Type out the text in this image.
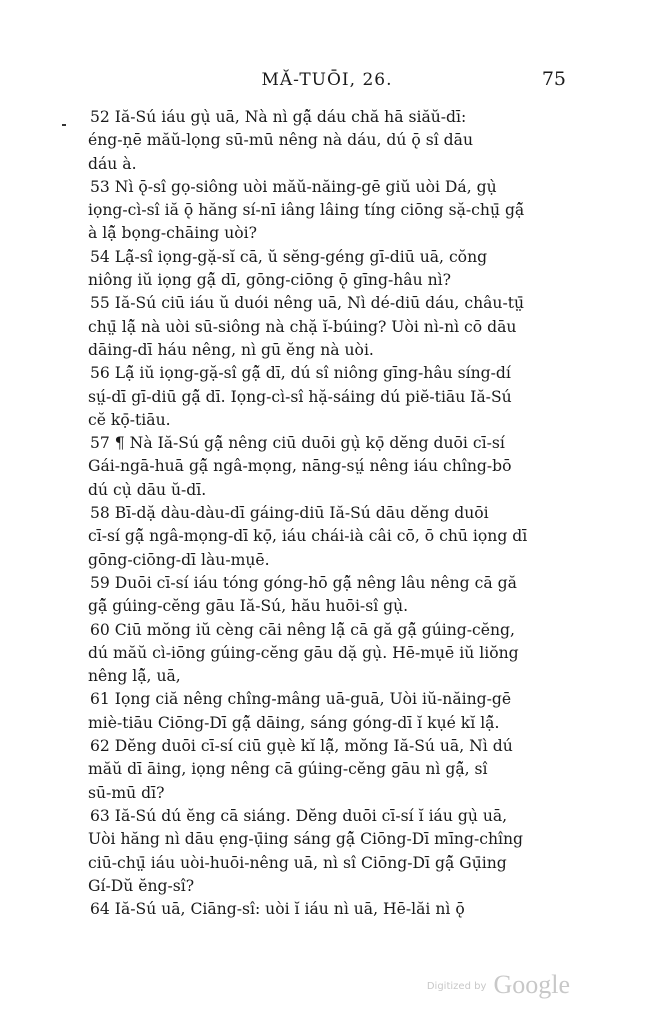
MĂ-TUŌI, 26.	75
52 Iă-Sú iáu gụ̀ uā, Nà nì gậ̆ dáu chă hā siăŭ-dī:
éng-ṇē măŭ-lọng sū-mū nêng nà dáu, dú ǭ sî dāu
dáu à.
53 Nì ǭ-sî gọ-siông uòi măŭ-năing-gē giŭ uòi Dá, gụ̀
iọng-cì-sî iă ǭ hăng sí-nī iâng lâing tíng ciōng sặ-chṳ̄ gậ̆
à lậ̆ bọng-chāing uòi?
54 Lậ̆-sî iọng-gặ-sĭ cā, ŭ sĕng-géng gī-diū uā, cŏng
niông iŭ iọng gậ̆ dī, gōng-ciōng ǭ gīng-hâu nì?
55 Iă-Sú ciū iáu ŭ duói nêng uā, Nì dé-diū dáu, châu-tṳ̄
chṳ̄ lậ̆ nà uòi sū-siông nà chặ ĭ-búing? Uòi nì-nì cō dāu
dāing-dī háu nêng, nì gū ĕng nà uòi.
56 Lậ̆ iŭ iọng-gặ-sî gậ̆ dī, dú sî niông gīng-hâu síng-dí
sṳ́-dī gī-diū gậ̆ dī. Iọng-cì-sî hặ-sáing dú piĕ-tiāu Iă-Sú
cĕ kọ̄-tiāu.
57 ¶ Nà Iă-Sú gậ̆ nêng ciū duōi gụ̀ kọ̄ dĕng duōi cī-sí
Gái-ngā-huā gậ̆ ngâ-mọng, nāng-sṳ́ nêng iáu chîng-bō
dú cụ̀ dāu ŭ-dī.
58 Bī-dặ dàu-dàu-dī gáing-diū Iă-Sú dāu dĕng duōi
cī-sí gậ̆ ngâ-mọng-dī kọ̄, iáu chái-ià câi cō, ō chū iọng dī
gōng-ciōng-dī làu-mụē.
59 Duōi cī-sí iáu tóng góng-hō gậ̆ nêng lâu nêng cā gă
gậ̆ gúing-cĕng gāu Iă-Sú, hău huōi-sî gụ̀.
60 Ciū mŏng iŭ cèng cāi nêng lậ̆ cā gă gậ̆ gúing-cĕng,
dú măŭ cì-iōng gúing-cĕng gāu dặ gụ̀. Hē-mụē iŭ liŏng
nêng lậ̆, uā,
61 Iọng ciă nêng chîng-mâng uā-guā, Uòi iŭ-năing-gē
miè-tiāu Ciōng-Dī gậ̆ dāing, sáng góng-dī ĭ kụé kĭ lậ̆.
62 Dĕng duōi cī-sí ciū gụè kĭ lậ̆, mŏng Iă-Sú uā, Nì dú
măŭ dī āing, iọng nêng cā gúing-cĕng gāu nì gậ̆, sî
sū-mū dī?
63 Iă-Sú dú ĕng cā siáng. Dĕng duōi cī-sí ĭ iáu gụ̀ uā,
Uòi hăng nì dāu ẹng-ụ̄ing sáng gậ̆ Ciōng-Dī mīng-chîng
ciū-chṳ̄ iáu uòi-huōi-nêng uā, nì sî Ciōng-Dī gậ̆ Gụ̄ing
Gí-Dŭ ĕng-sî?
64 Iă-Sú uā, Ciāng-sî: uòi ĭ iáu nì uā, Hē-lăi nì ǭ
$^{Digitized by}$ Google
